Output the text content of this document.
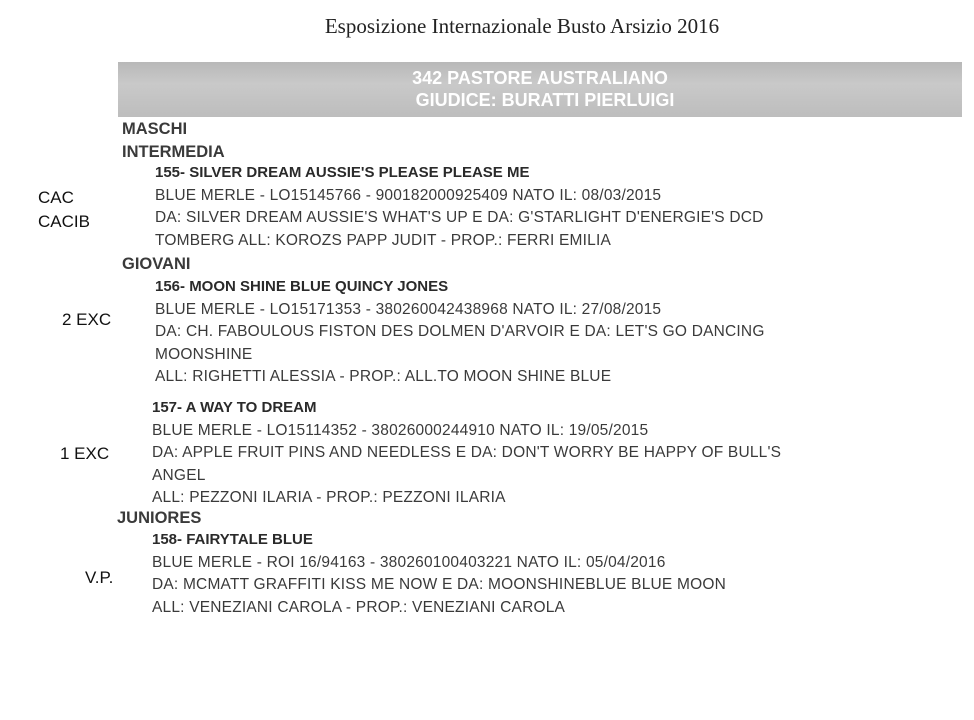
Esposizione Internazionale Busto Arsizio 2016
342 PASTORE AUSTRALIANO
GIUDICE: BURATTI PIERLUIGI
MASCHI
INTERMEDIA
155- SILVER DREAM AUSSIE'S PLEASE PLEASE ME
BLUE MERLE - LO15145766 - 900182000925409 NATO IL: 08/03/2015
DA: SILVER DREAM AUSSIE'S WHAT'S UP E DA: G'STARLIGHT D'ENERGIE'S DCD
TOMBERG ALL: KOROZS PAPP JUDIT - PROP.: FERRI EMILIA
CAC
CACIB
GIOVANI
156- MOON SHINE BLUE QUINCY JONES
BLUE MERLE - LO15171353 - 380260042438968 NATO IL: 27/08/2015
DA: CH. FABOULOUS FISTON DES DOLMEN D'ARVOIR E DA: LET'S GO DANCING
MOONSHINE
ALL: RIGHETTI ALESSIA - PROP.: ALL.TO MOON SHINE BLUE
2 EXC
157- A WAY TO DREAM
BLUE MERLE - LO15114352 - 38026000244910 NATO IL: 19/05/2015
DA: APPLE FRUIT PINS AND NEEDLESS E DA: DON'T WORRY BE HAPPY OF BULL'S
ANGEL
ALL: PEZZONI ILARIA - PROP.: PEZZONI ILARIA
1 EXC
JUNIORES
158- FAIRYTALE BLUE
BLUE MERLE - ROI 16/94163 - 380260100403221 NATO IL: 05/04/2016
DA: MCMATT GRAFFITI KISS ME NOW E DA: MOONSHINEBLUE BLUE MOON
ALL: VENEZIANI CAROLA - PROP.: VENEZIANI CAROLA
V.P.
